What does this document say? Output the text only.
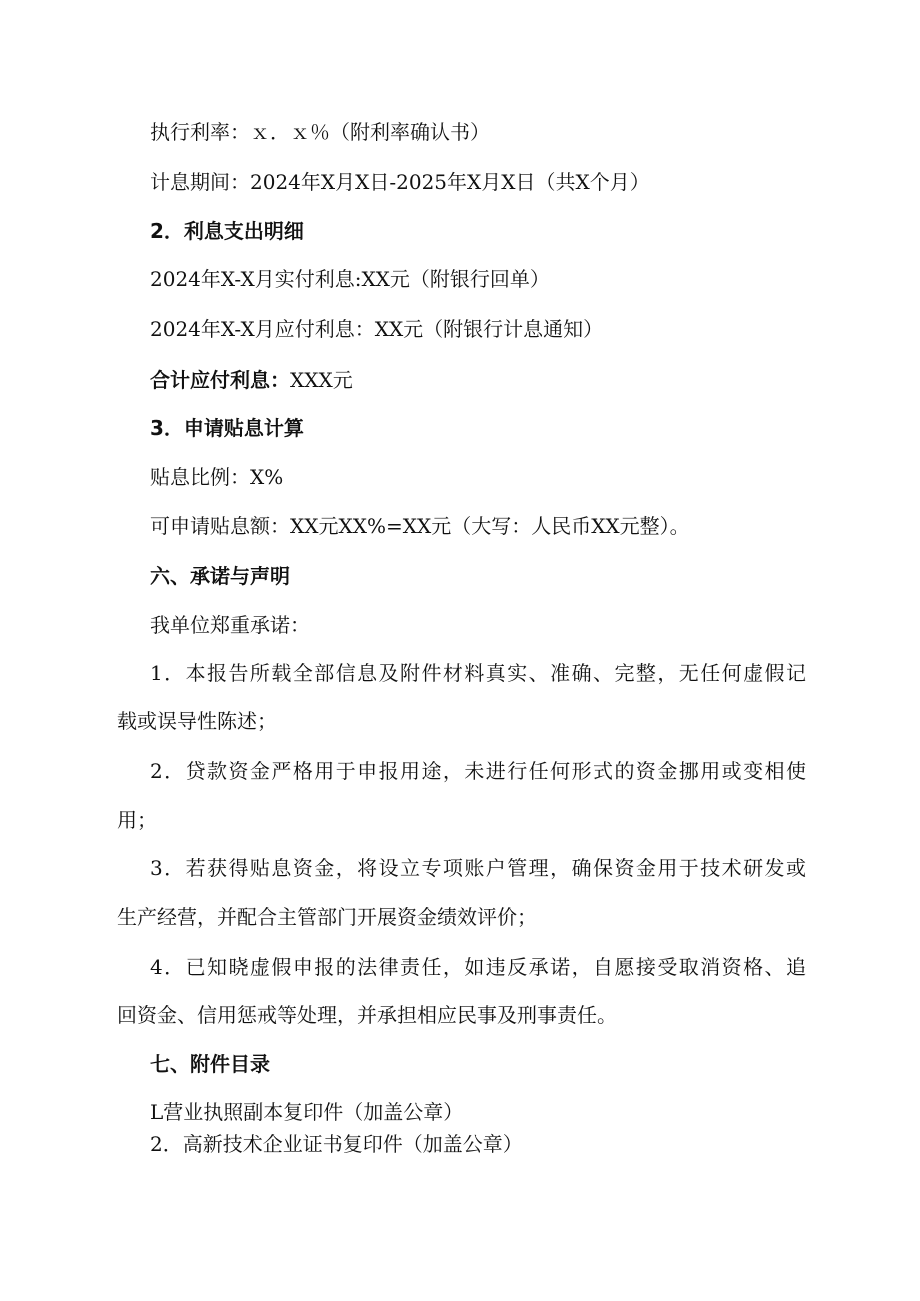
执行利率：ｘ．ｘ％（附利率确认书）
计息期间：2024年X月X日-2025年X月X日（共X个月）
2．利息支出明细
2024年X-X月实付利息:XX元（附银行回单）
2024年X-X月应付利息：XX元（附银行计息通知）
合计应付利息：XXX元
3．申请贴息计算
贴息比例：X%
可申请贴息额：XX元XX%=XX元（大写：人民币XX元整）。
六、承诺与声明
我单位郑重承诺：
1．本报告所载全部信息及附件材料真实、准确、完整，无任何虚假记
载或误导性陈述；
2．贷款资金严格用于申报用途，未进行任何形式的资金挪用或变相使
用；
3．若获得贴息资金，将设立专项账户管理，确保资金用于技术研发或
生产经营，并配合主管部门开展资金绩效评价；
4．已知晓虚假申报的法律责任，如违反承诺，自愿接受取消资格、追
回资金、信用惩戒等处理，并承担相应民事及刑事责任。
七、附件目录
L营业执照副本复印件（加盖公章）
2．高新技术企业证书复印件（加盖公章）
